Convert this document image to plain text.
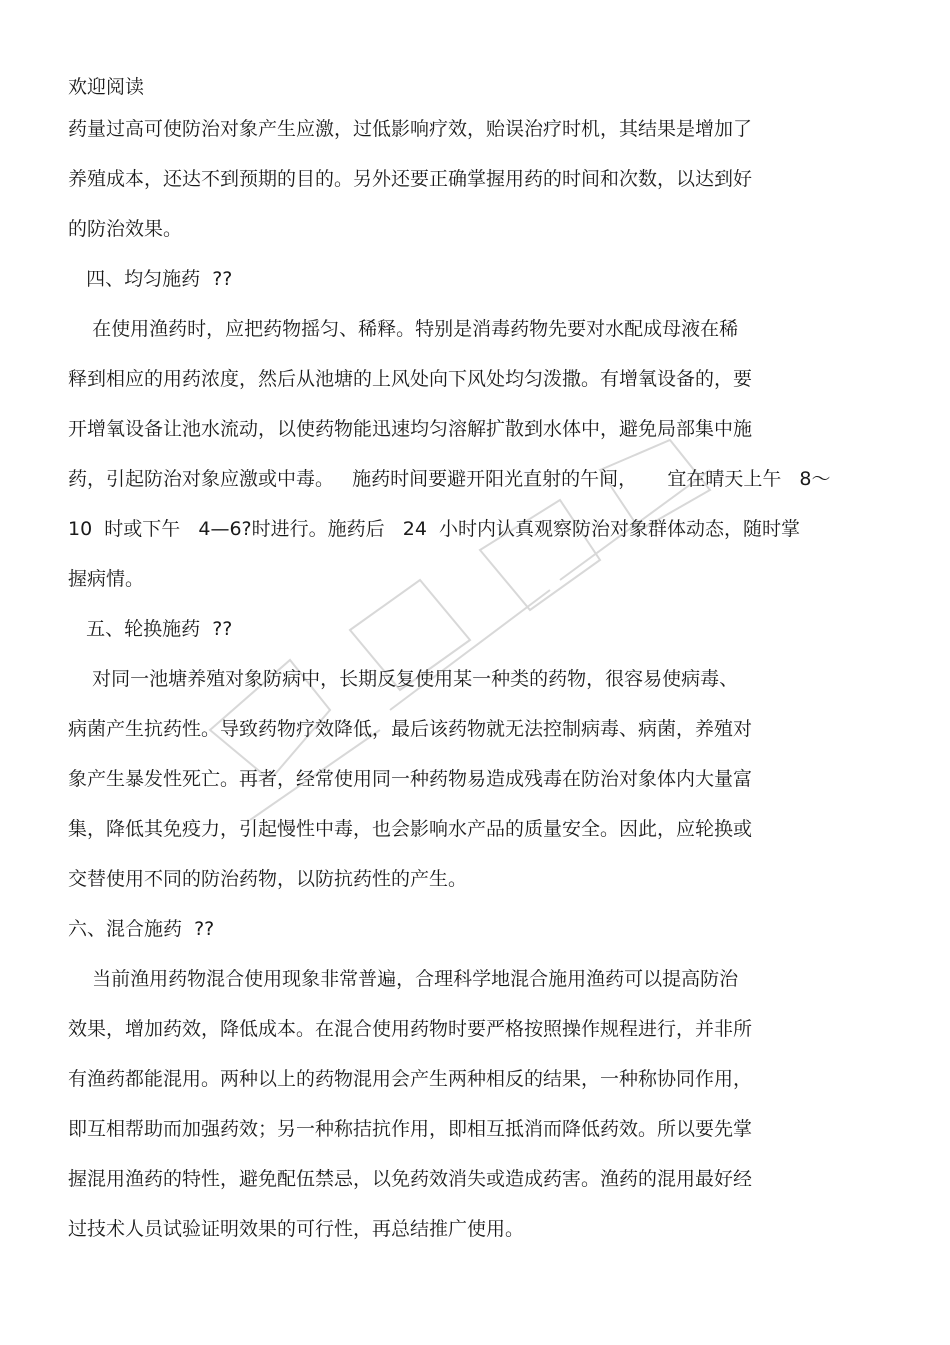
欢迎阅读

药量过高可使防治对象产生应激，过低影响疗效，贻误治疗时机，其结果是增加了

养殖成本，还达不到预期的目的。另外还要正确掌握用药的时间和次数，以达到好

的防治效果。

四、均匀施药  ??

在使用渔药时，应把药物摇匀、稀释。特别是消毒药物先要对水配成母液在稀

释到相应的用药浓度，然后从池塘的上风处向下风处均匀泼撒。有增氧设备的，要

开增氧设备让池水流动，以使药物能迅速均匀溶解扩散到水体中，避免局部集中施

药，引起防治对象应激或中毒。   施药时间要避开阳光直射的午间，     宜在晴天上午   8～

10  时或下午   4—6?时进行。施药后   24  小时内认真观察防治对象群体动态，随时掌

握病情。

五、轮换施药  ??

对同一池塘养殖对象防病中，长期反复使用某一种类的药物，很容易使病毒、

病菌产生抗药性。导致药物疗效降低，最后该药物就无法控制病毒、病菌，养殖对

象产生暴发性死亡。再者，经常使用同一种药物易造成残毒在防治对象体内大量富

集，降低其免疫力，引起慢性中毒，也会影响水产品的质量安全。因此，应轮换或

交替使用不同的防治药物，以防抗药性的产生。

六、混合施药  ??

当前渔用药物混合使用现象非常普遍，合理科学地混合施用渔药可以提高防治

效果，增加药效，降低成本。在混合使用药物时要严格按照操作规程进行，并非所

有渔药都能混用。两种以上的药物混用会产生两种相反的结果，一种称协同作用，

即互相帮助而加强药效；另一种称拮抗作用，即相互抵消而降低药效。所以要先掌

握混用渔药的特性，避免配伍禁忌，以免药效消失或造成药害。渔药的混用最好经

过技术人员试验证明效果的可行性，再总结推广使用。
